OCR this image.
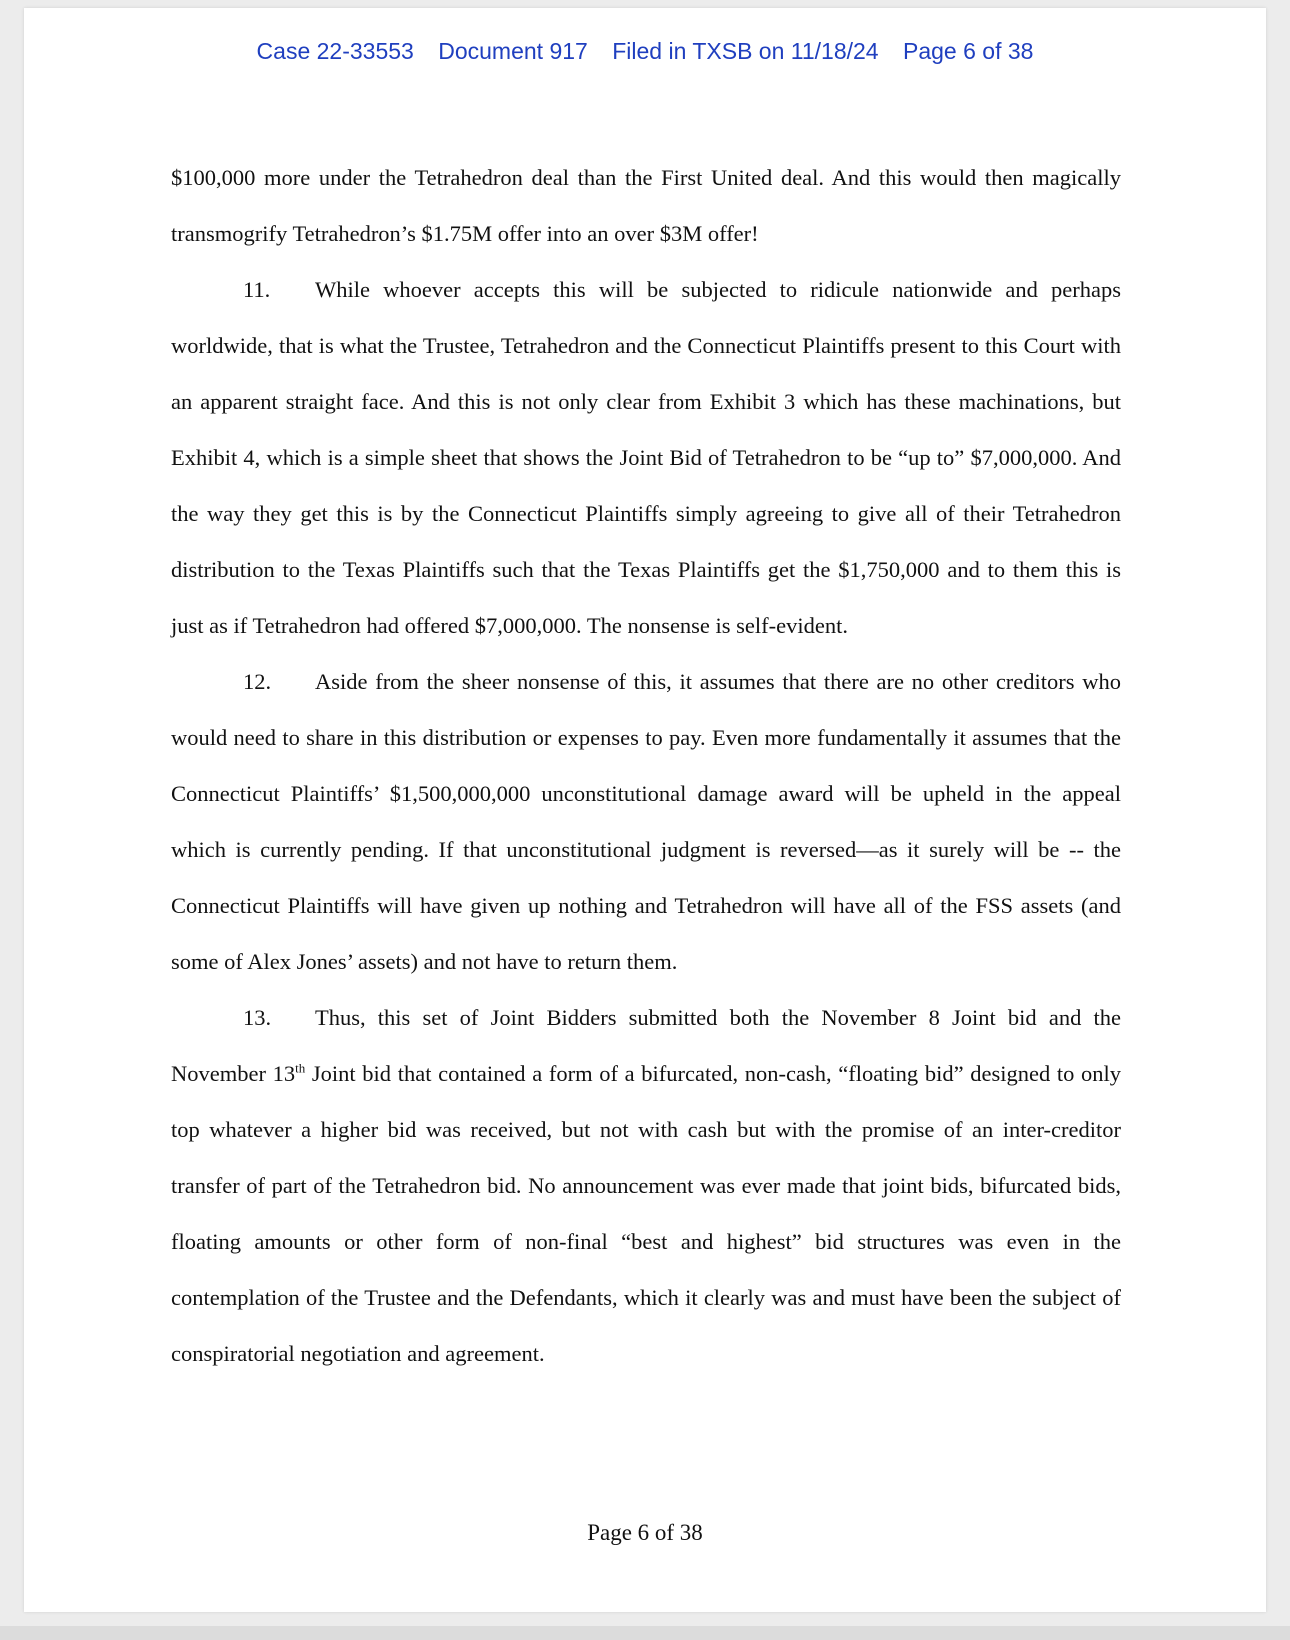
Case 22-33553 Document 917 Filed in TXSB on 11/18/24 Page 6 of 38

$100,000 more under the Tetrahedron deal than the First United deal. And this would then magically transmogrify Tetrahedron’s $1.75M offer into an over $3M offer!

11. While whoever accepts this will be subjected to ridicule nationwide and perhaps worldwide, that is what the Trustee, Tetrahedron and the Connecticut Plaintiffs present to this Court with an apparent straight face. And this is not only clear from Exhibit 3 which has these machinations, but Exhibit 4, which is a simple sheet that shows the Joint Bid of Tetrahedron to be “up to” $7,000,000. And the way they get this is by the Connecticut Plaintiffs simply agreeing to give all of their Tetrahedron distribution to the Texas Plaintiffs such that the Texas Plaintiffs get the $1,750,000 and to them this is just as if Tetrahedron had offered $7,000,000. The nonsense is self-evident.

12. Aside from the sheer nonsense of this, it assumes that there are no other creditors who would need to share in this distribution or expenses to pay. Even more fundamentally it assumes that the Connecticut Plaintiffs’ $1,500,000,000 unconstitutional damage award will be upheld in the appeal which is currently pending. If that unconstitutional judgment is reversed—as it surely will be -- the Connecticut Plaintiffs will have given up nothing and Tetrahedron will have all of the FSS assets (and some of Alex Jones’ assets) and not have to return them.

13. Thus, this set of Joint Bidders submitted both the November 8 Joint bid and the November 13th Joint bid that contained a form of a bifurcated, non-cash, “floating bid” designed to only top whatever a higher bid was received, but not with cash but with the promise of an inter-creditor transfer of part of the Tetrahedron bid. No announcement was ever made that joint bids, bifurcated bids, floating amounts or other form of non-final “best and highest” bid structures was even in the contemplation of the Trustee and the Defendants, which it clearly was and must have been the subject of conspiratorial negotiation and agreement.

Page 6 of 38
